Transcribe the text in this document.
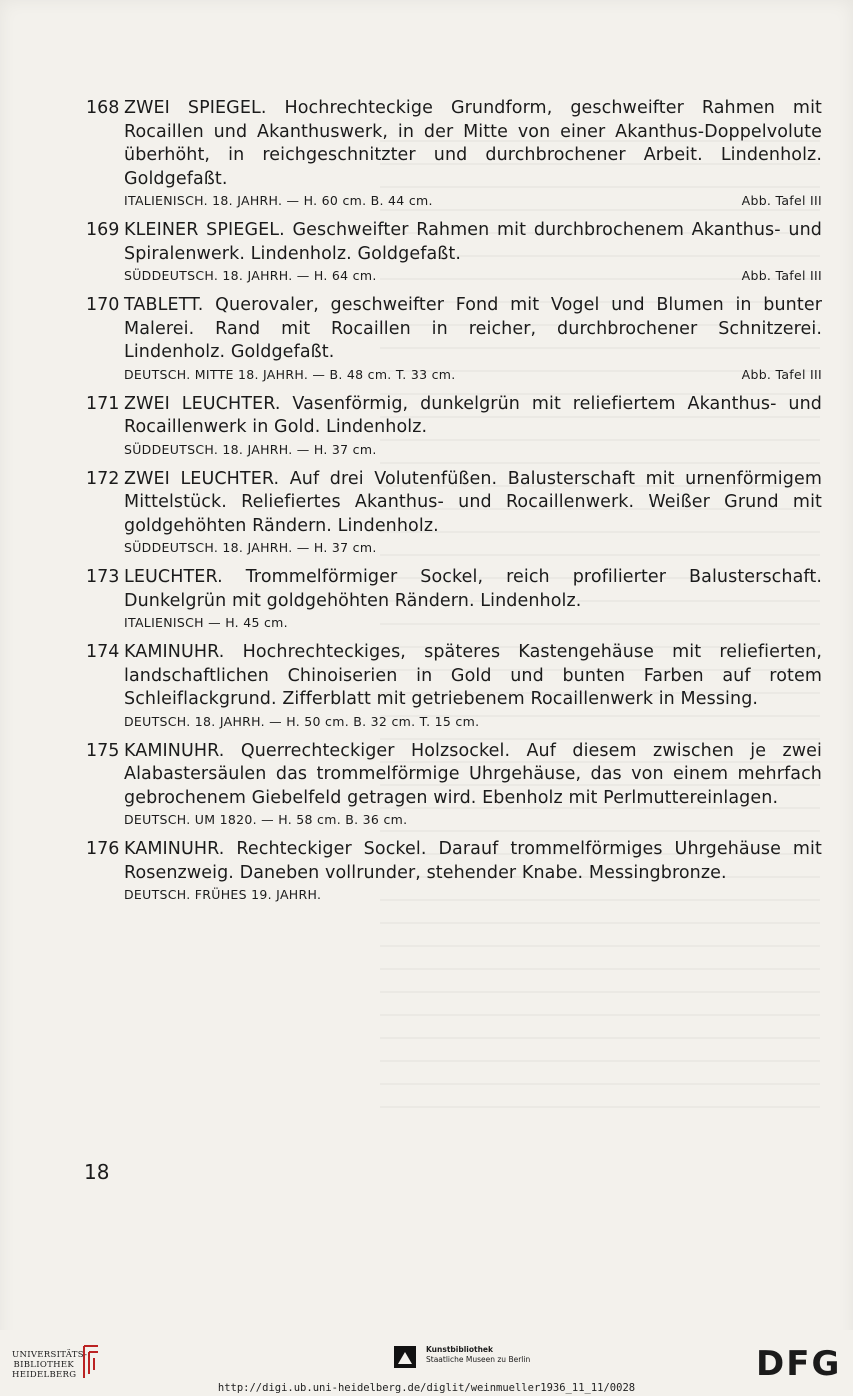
168 ZWEI SPIEGEL. Hochrechteckige Grundform, geschweifter Rahmen mit Rocaillen und Akanthuswerk, in der Mitte von einer Akanthus-Doppelvolute überhöht, in reichgeschnitzter und durchbrochener Arbeit. Lindenholz. Goldgefaßt.
ITALIENISCH. 18. JAHRH. — H. 60 cm. B. 44 cm.	Abb. Tafel III
169 KLEINER SPIEGEL. Geschweifter Rahmen mit durchbrochenem Akanthus- und Spiralenwerk. Lindenholz. Goldgefaßt.
SÜDDEUTSCH. 18. JAHRH. — H. 64 cm.	Abb. Tafel III
170 TABLETT. Querovaler, geschweifter Fond mit Vogel und Blumen in bunter Malerei. Rand mit Rocaillen in reicher, durchbrochener Schnitzerei. Lindenholz. Goldgefaßt.
DEUTSCH. MITTE 18. JAHRH. — B. 48 cm. T. 33 cm.	Abb. Tafel III
171 ZWEI LEUCHTER. Vasenförmig, dunkelgrün mit reliefiertem Akanthus- und Rocaillenwerk in Gold. Lindenholz.
SÜDDEUTSCH. 18. JAHRH. — H. 37 cm.
172 ZWEI LEUCHTER. Auf drei Volutenfüßen. Balusterschaft mit urnenförmigem Mittelstück. Reliefiertes Akanthus- und Rocaillenwerk. Weißer Grund mit goldgehöhten Rändern. Lindenholz.
SÜDDEUTSCH. 18. JAHRH. — H. 37 cm.
173 LEUCHTER. Trommelförmiger Sockel, reich profilierter Balusterschaft. Dunkelgrün mit goldgehöhten Rändern. Lindenholz.
ITALIENISCH — H. 45 cm.
174 KAMINUHR. Hochrechteckiges, späteres Kastengehäuse mit reliefierten, landschaftlichen Chinoiserien in Gold und bunten Farben auf rotem Schleiflackgrund. Zifferblatt mit getriebenem Rocaillenwerk in Messing.
DEUTSCH. 18. JAHRH. — H. 50 cm. B. 32 cm. T. 15 cm.
175 KAMINUHR. Querrechteckiger Holzsockel. Auf diesem zwischen je zwei Alabastersäulen das trommelförmige Uhrgehäuse, das von einem mehrfach gebrochenem Giebelfeld getragen wird. Ebenholz mit Perlmuttereinlagen.
DEUTSCH. UM 1820. — H. 58 cm. B. 36 cm.
176 KAMINUHR. Rechteckiger Sockel. Darauf trommelförmiges Uhrgehäuse mit Rosenzweig. Daneben vollrunder, stehender Knabe. Messingbronze.
DEUTSCH. FRÜHES 19. JAHRH.
18
UNIVERSITÄTS-
BIBLIOTHEK
HEIDELBERG
Kunstbibliothek
Staatliche Museen zu Berlin	DFG
http://digi.ub.uni-heidelberg.de/diglit/weinmueller1936_11_11/0028
